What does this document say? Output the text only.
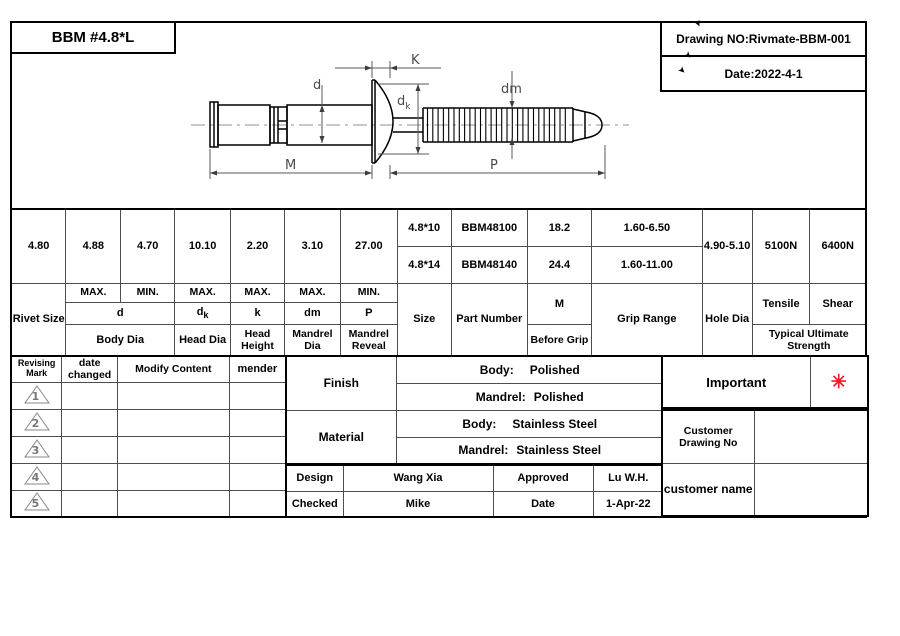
BBM #4.8*L	Drawing NO:Rivmate-BBM-001
Date:2022-4-1
➤
➤
➤
d
K
$d_k$
dm
M	P
4.80	4.88	4.70	10.10	2.20	3.10	27.00	4.8*10	BBM48100	18.2	1.60-6.50	4.90-5.10	5100N	6400N
							4.8*14	BBM48140	24.4	1.60-11.00			
Rivet Size	MAX.	MIN.	MAX.	MAX.	MAX.	MIN.	Size	Part Number	M	Grip Range	Hole Dia	Tensile	Shear
	d		$d_k$	k	dm	P							
	Body Dia		Head Dia	Head Height	Mandrel Dia	Mandrel Reveal			Before Grip			Typical Ultimate Strength	
Revising Mark	date changed	Modify Content	mender

1			

2			

3			

4			

5			

Finish	Body: Polished

	Mandrel: Polished

Material	Body: Stainless Steel

	Mandrel: Stainless Steel
Design	Wang Xia	Approved	Lu W.H.
Checked	Mike	Date	1-Apr-22
Important	✳
Customer Drawing No	
customer name	
